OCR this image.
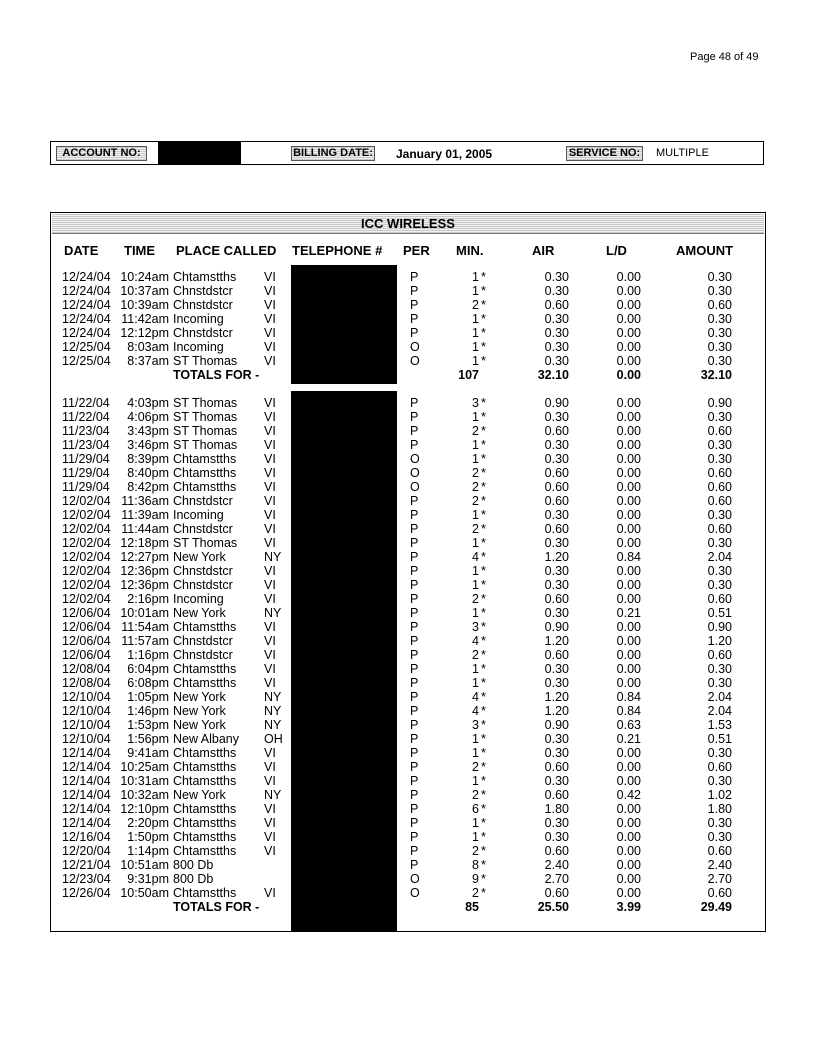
Page 48 of 49
ACCOUNT NO:	BILLING DATE: January 01, 2005	SERVICE NO: MULTIPLE
ICC WIRELESS
DATE TIME PLACE CALLED TELEPHONE # PER MIN.	AIR	L/D	AMOUNT
12/24/04 10:24am Chtamstths VI	P	1 *	0.30	0.00	0.30
12/24/04 10:37am Chnstdstcr	VI	P	1 *	0.30	0.00	0.30
12/24/04 10:39am Chnstdstcr	VI	P	2 *	0.60	0.00	0.60
12/24/04 11:42am Incoming	VI	P	1 *	0.30	0.00	0.30
12/24/04 12:12pm Chnstdstcr	VI	P	1 *	0.30	0.00	0.30
12/25/04 8:03am Incoming	VI	O	1 *	0.30	0.00	0.30
12/25/04 8:37am ST Thomas VI	O	1 *	0.30	0.00	0.30
TOTALS FOR -	107	32.10	0.00	32.10
11/22/04 4:03pm ST Thomas VI	P	3 *	0.90	0.00	0.90
11/22/04 4:06pm ST Thomas VI	P	1 *	0.30	0.00	0.30
11/23/04 3:43pm ST Thomas VI	P	2 *	0.60	0.00	0.60
11/23/04 3:46pm ST Thomas VI	P	1 *	0.30	0.00	0.30
11/29/04 8:39pm Chtamstths VI	O	1 *	0.30	0.00	0.30
11/29/04 8:40pm Chtamstths VI	O	2 *	0.60	0.00	0.60
11/29/04 8:42pm Chtamstths VI	O	2 *	0.60	0.00	0.60
12/02/04 11:36am Chnstdstcr	VI	P	2 *	0.60	0.00	0.60
12/02/04 11:39am Incoming	VI	P	1 *	0.30	0.00	0.30
12/02/04 11:44am Chnstdstcr	VI	P	2 *	0.60	0.00	0.60
12/02/04 12:18pm ST Thomas VI	P	1 *	0.30	0.00	0.30
12/02/04 12:27pm New York	NY	P	4 *	1.20	0.84	2.04
12/02/04 12:36pm Chnstdstcr	VI	P	1 *	0.30	0.00	0.30
12/02/04 12:36pm Chnstdstcr	VI	P	1 *	0.30	0.00	0.30
12/02/04 2:16pm Incoming	VI	P	2 *	0.60	0.00	0.60
12/06/04 10:01am New York	NY	P	1 *	0.30	0.21	0.51
12/06/04 11:54am Chtamstths VI	P	3 *	0.90	0.00	0.90
12/06/04 11:57am Chnstdstcr	VI	P	4 *	1.20	0.00	1.20
12/06/04 1:16pm Chnstdstcr	VI	P	2 *	0.60	0.00	0.60
12/08/04 6:04pm Chtamstths VI	P	1 *	0.30	0.00	0.30
12/08/04 6:08pm Chtamstths VI	P	1 *	0.30	0.00	0.30
12/10/04 1:05pm New York	NY	P	4 *	1.20	0.84	2.04
12/10/04 1:46pm New York	NY	P	4 *	1.20	0.84	2.04
12/10/04 1:53pm New York	NY	P	3 *	0.90	0.63	1.53
12/10/04 1:56pm New Albany OH	P	1 *	0.30	0.21	0.51
12/14/04 9:41am Chtamstths VI	P	1 *	0.30	0.00	0.30
12/14/04 10:25am Chtamstths VI	P	2 *	0.60	0.00	0.60
12/14/04 10:31am Chtamstths VI	P	1 *	0.30	0.00	0.30
12/14/04 10:32am New York	NY	P	2 *	0.60	0.42	1.02
12/14/04 12:10pm Chtamstths VI	P	6 *	1.80	0.00	1.80
12/14/04 2:20pm Chtamstths VI	P	1 *	0.30	0.00	0.30
12/16/04 1:50pm Chtamstths VI	P	1 *	0.30	0.00	0.30
12/20/04 1:14pm Chtamstths VI	P	2 *	0.60	0.00	0.60
12/21/04 10:51am 800 Db	P	8 *	2.40	0.00	2.40
12/23/04 9:31pm 800 Db	O	9 *	2.70	0.00	2.70
12/26/04 10:50am Chtamstths VI	O	2 *	0.60	0.00	0.60
TOTALS FOR -	85	25.50	3.99	29.49
